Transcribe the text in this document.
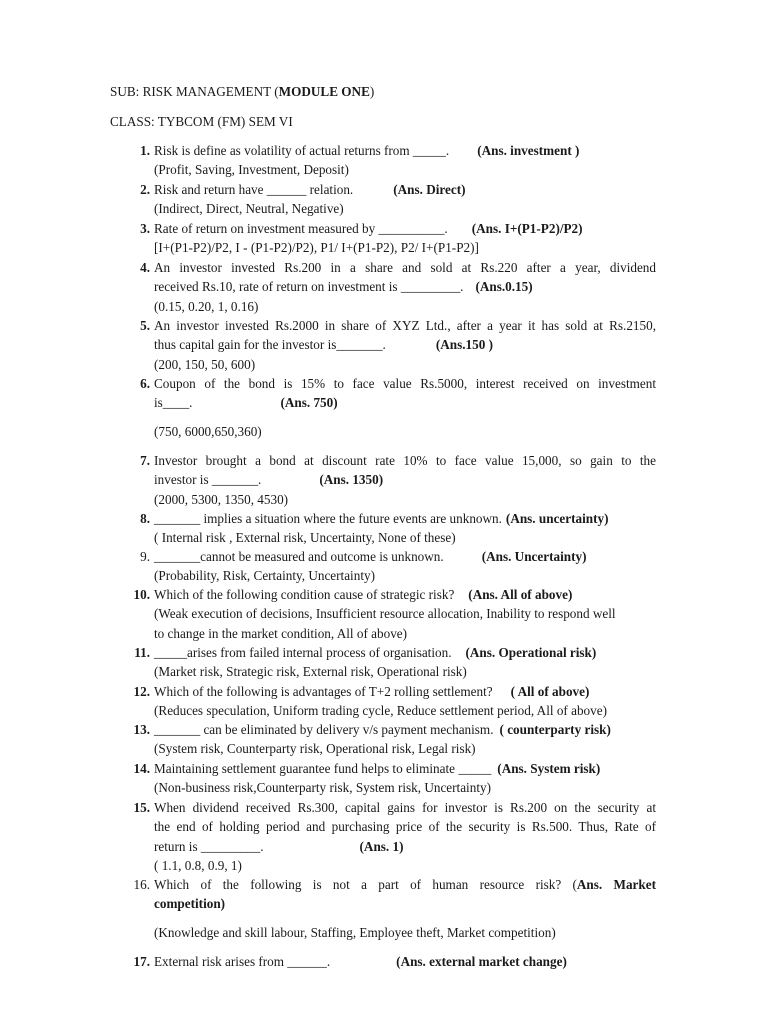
SUB: RISK MANAGEMENT (MODULE ONE)
CLASS: TYBCOM (FM) SEM VI
1. Risk is define as volatility of actual returns from _____. (Ans. investment )
(Profit, Saving, Investment, Deposit)
2. Risk and return have ______ relation.	(Ans. Direct)
(Indirect, Direct, Neutral, Negative)
3. Rate of return on investment measured by __________. (Ans. I+(P1-P2)/P2)
[I+(P1-P2)/P2, I - (P1-P2)/P2), P1/ I+(P1-P2), P2/ I+(P1-P2)]
4. An investor invested Rs.200 in a share and sold at Rs.220 after a year, dividend
received Rs.10, rate of return on investment is _________. (Ans.0.15)
(0.15, 0.20, 1, 0.16)
5. An investor invested Rs.2000 in share of XYZ Ltd., after a year it has sold at Rs.2150,
thus capital gain for the investor is_______.	(Ans.150 )
(200, 150, 50, 600)
6. Coupon of the bond is 15% to face value Rs.5000, interest received on investment
is____.	(Ans. 750)
(750, 6000,650,360)
7. Investor brought a bond at discount rate 10% to face value 15,000, so gain to the
investor is _______.	(Ans. 1350)
(2000, 5300, 1350, 4530)
8. _______ implies a situation where the future events are unknown. (Ans. uncertainty)
( Internal risk , External risk, Uncertainty, None of these)
9. _______cannot be measured and outcome is unknown.	(Ans. Uncertainty)
(Probability, Risk, Certainty, Uncertainty)
10. Which of the following condition cause of strategic risk? (Ans. All of above)
(Weak execution of decisions, Insufficient resource allocation, Inability to respond well
to change in the market condition, All of above)
11. _____arises from failed internal process of organisation. (Ans. Operational risk)
(Market risk, Strategic risk, External risk, Operational risk)
12. Which of the following is advantages of T+2 rolling settlement? ( All of above)
(Reduces speculation, Uniform trading cycle, Reduce settlement period, All of above)
13. _______ can be eliminated by delivery v/s payment mechanism. ( counterparty risk)
(System risk, Counterparty risk, Operational risk, Legal risk)
14. Maintaining settlement guarantee fund helps to eliminate _____ (Ans. System risk)
(Non-business risk,Counterparty risk, System risk, Uncertainty)
15. When dividend received Rs.300, capital gains for investor is Rs.200 on the security at
the end of holding period and purchasing price of the security is Rs.500. Thus, Rate of
return is _________.	(Ans. 1)
( 1.1, 0.8, 0.9, 1)
16. Which of the following is not a part of human resource risk? (Ans. Market
competition)
(Knowledge and skill labour, Staffing, Employee theft, Market competition)
17. External risk arises from ______.	(Ans. external market change)
